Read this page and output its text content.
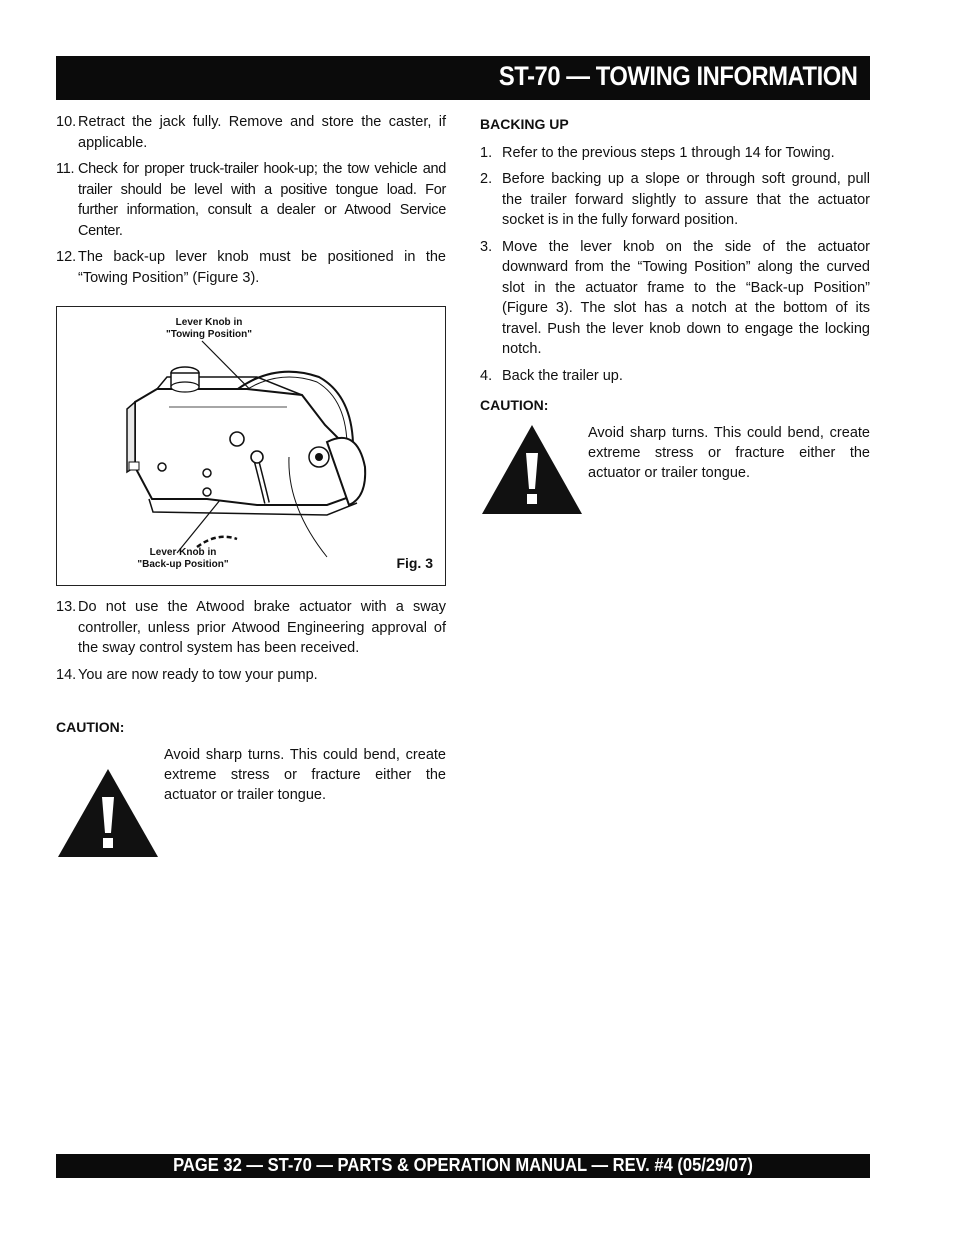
ST-70 — TOWING INFORMATION
10. Retract the jack fully. Remove and store the caster, if applicable.
11. Check for proper truck-trailer hook-up; the tow vehicle and trailer should be level with a positive tongue load. For further information, consult a dealer or Atwood Service Center.
12. The back-up lever knob must be positioned in the “Towing Position” (Figure 3).
Lever Knob in
"Towing Position"
Lever Knob in
"Back-up Position"	Fig. 3
13. Do not use the Atwood brake actuator with a sway controller, unless prior Atwood Engineering approval of the sway control system has been received.
14. You are now ready to tow your pump.
CAUTION:
Avoid sharp turns. This could bend, create extreme stress or fracture either the actuator or trailer tongue.
BACKING UP
1. Refer to the previous steps 1 through 14 for Towing.
2. Before backing up a slope or through soft ground, pull the trailer forward slightly to assure that the actuator socket is in the fully forward position.
3. Move the lever knob on the side of the actuator downward from the “Towing Position” along the curved slot in the actuator frame to the “Back-up Position” (Figure 3). The slot has a notch at the bottom of its travel. Push the lever knob down to engage the locking notch.
4. Back the trailer up.
CAUTION:
Avoid sharp turns. This could bend, create extreme stress or fracture either the actuator or trailer tongue.
PAGE 32 — ST-70 — PARTS & OPERATION MANUAL — REV. #4 (05/29/07)
